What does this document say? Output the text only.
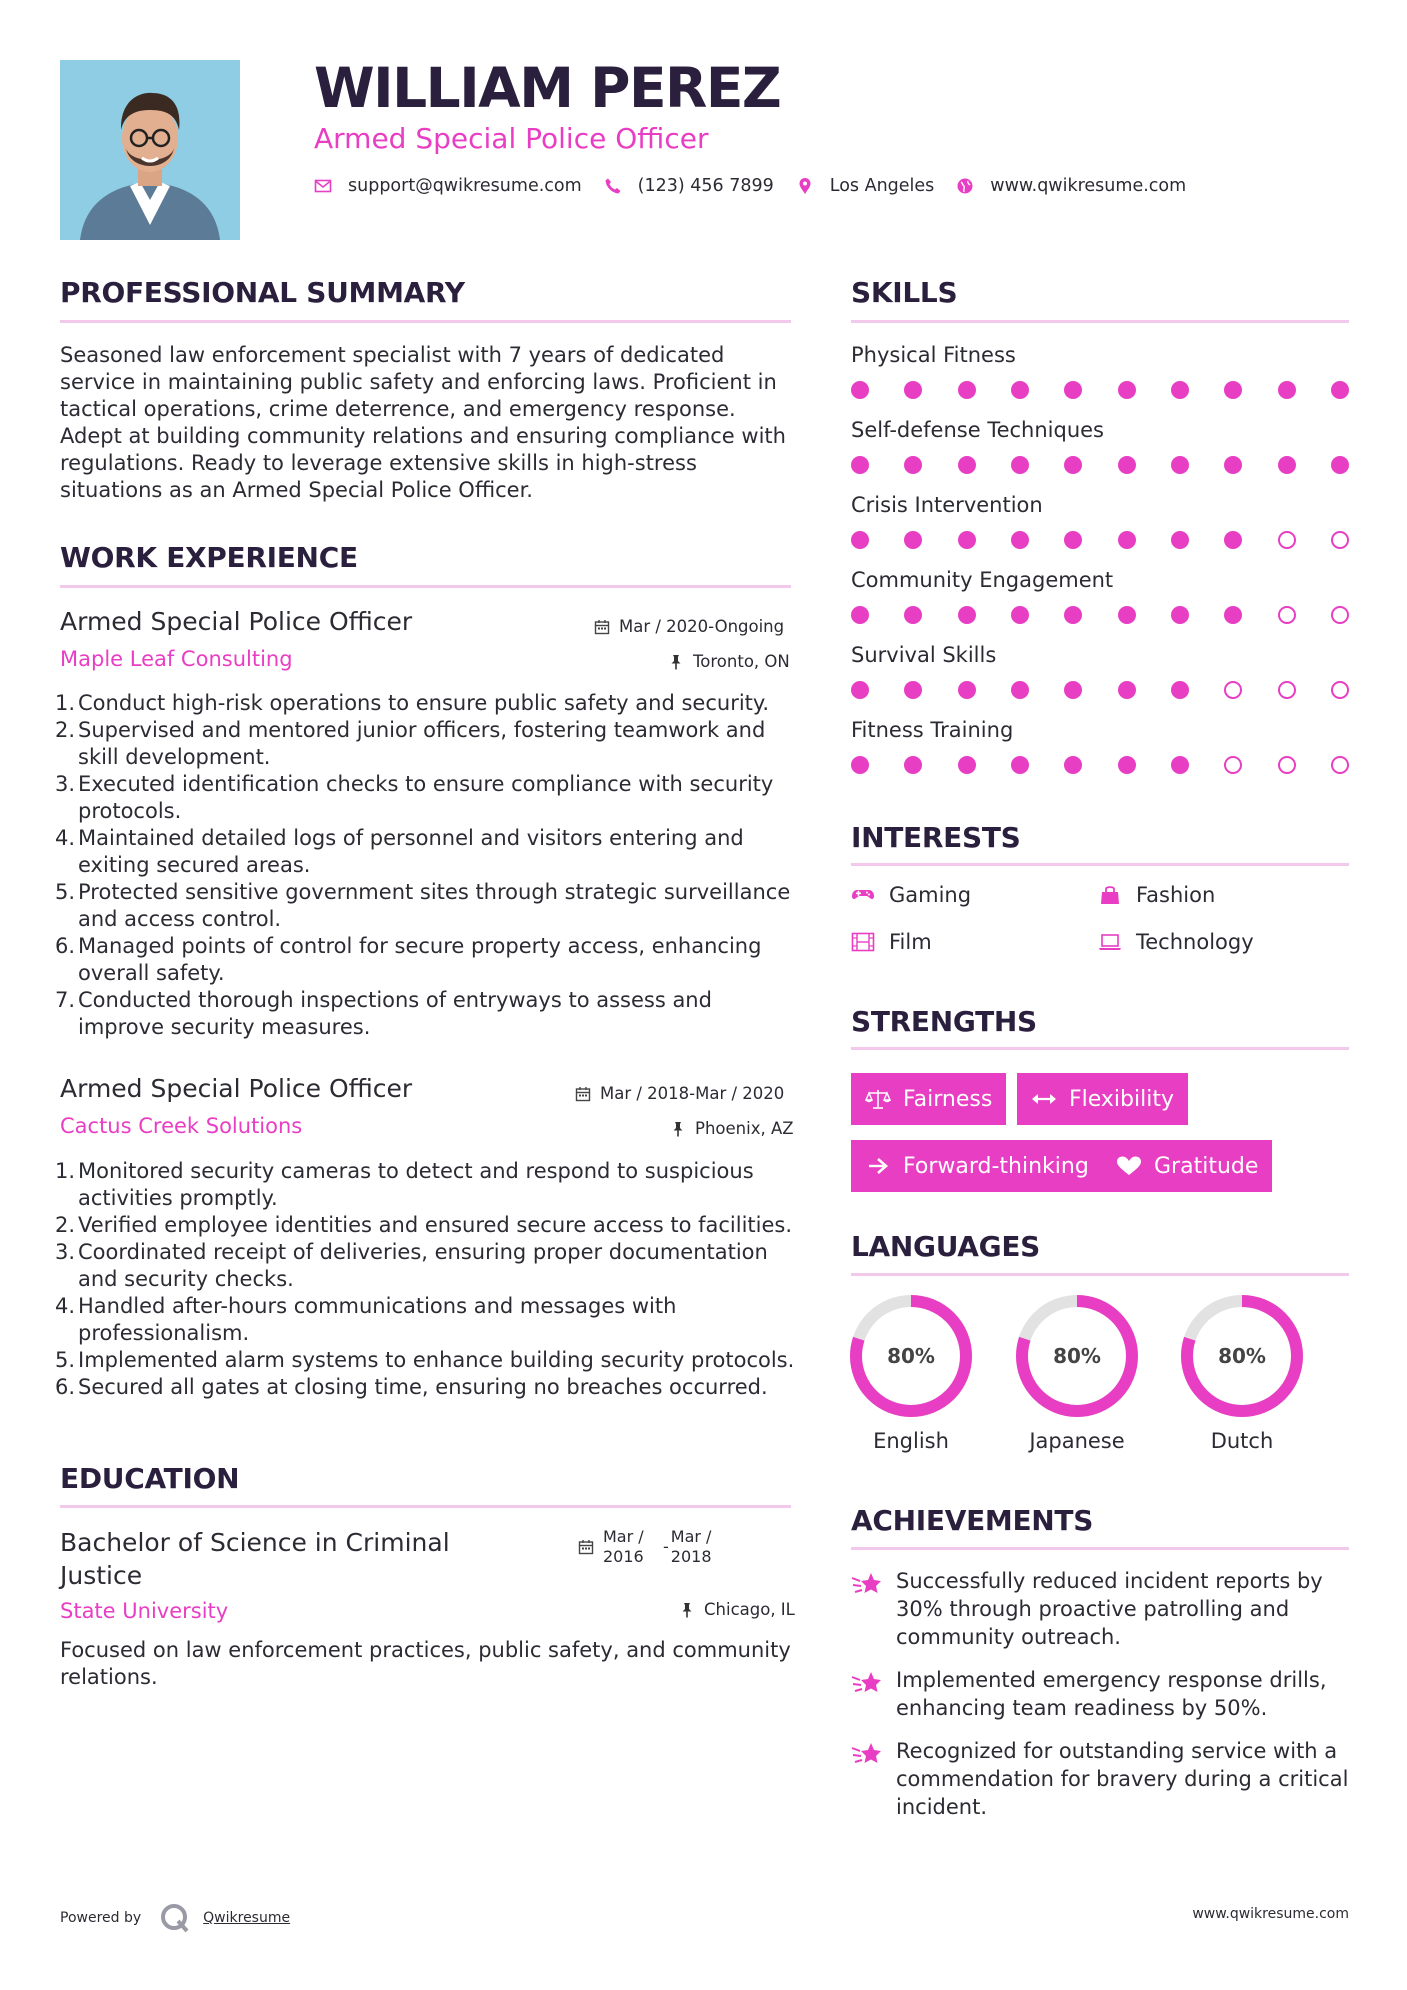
WILLIAM PEREZ
Armed Special Police Officer
support@qwikresume.com	(123) 456 7899	Los Angeles	www.qwikresume.com
PROFESSIONAL SUMMARY
Seasoned law enforcement specialist with 7 years of dedicated service in maintaining public safety and enforcing laws. Proficient in tactical operations, crime deterrence, and emergency response. Adept at building community relations and ensuring compliance with regulations. Ready to leverage extensive skills in high-stress situations as an Armed Special Police Officer.
WORK EXPERIENCE
Armed Special Police Officer	Mar / 2020-Ongoing
Maple Leaf Consulting	Toronto, ON
1. Conduct high-risk operations to ensure public safety and security.
2. Supervised and mentored junior officers, fostering teamwork and skill development.
3. Executed identification checks to ensure compliance with security protocols.
4. Maintained detailed logs of personnel and visitors entering and exiting secured areas.
5. Protected sensitive government sites through strategic surveillance and access control.
6. Managed points of control for secure property access, enhancing overall safety.
7. Conducted thorough inspections of entryways to assess and improve security measures.
Armed Special Police Officer	Mar / 2018-Mar / 2020
Cactus Creek Solutions	Phoenix, AZ
1. Monitored security cameras to detect and respond to suspicious activities promptly.
2. Verified employee identities and ensured secure access to facilities.
3. Coordinated receipt of deliveries, ensuring proper documentation and security checks.
4. Handled after-hours communications and messages with professionalism.
5. Implemented alarm systems to enhance building security protocols.
6. Secured all gates at closing time, ensuring no breaches occurred.
EDUCATION
Bachelor of Science in Criminal Justice
Mar / 2016
-
Mar / 2018
State University	Chicago, IL
Focused on law enforcement practices, public safety, and community relations.
SKILLS
Physical Fitness
Self-defense Techniques
Crisis Intervention
Community Engagement
Survival Skills
Fitness Training
INTERESTS
Gaming	Fashion
Film	Technology
STRENGTHS
Fairness	Flexibility
Forward-thinking	Gratitude
LANGUAGES
80%
English
80%
Japanese
80%
Dutch
ACHIEVEMENTS
Successfully reduced incident reports by 30% through proactive patrolling and community outreach.
Implemented emergency response drills, enhancing team readiness by 50%.
Recognized for outstanding service with a commendation for bravery during a critical incident.
Powered by	Qwikresume	www.qwikresume.com
